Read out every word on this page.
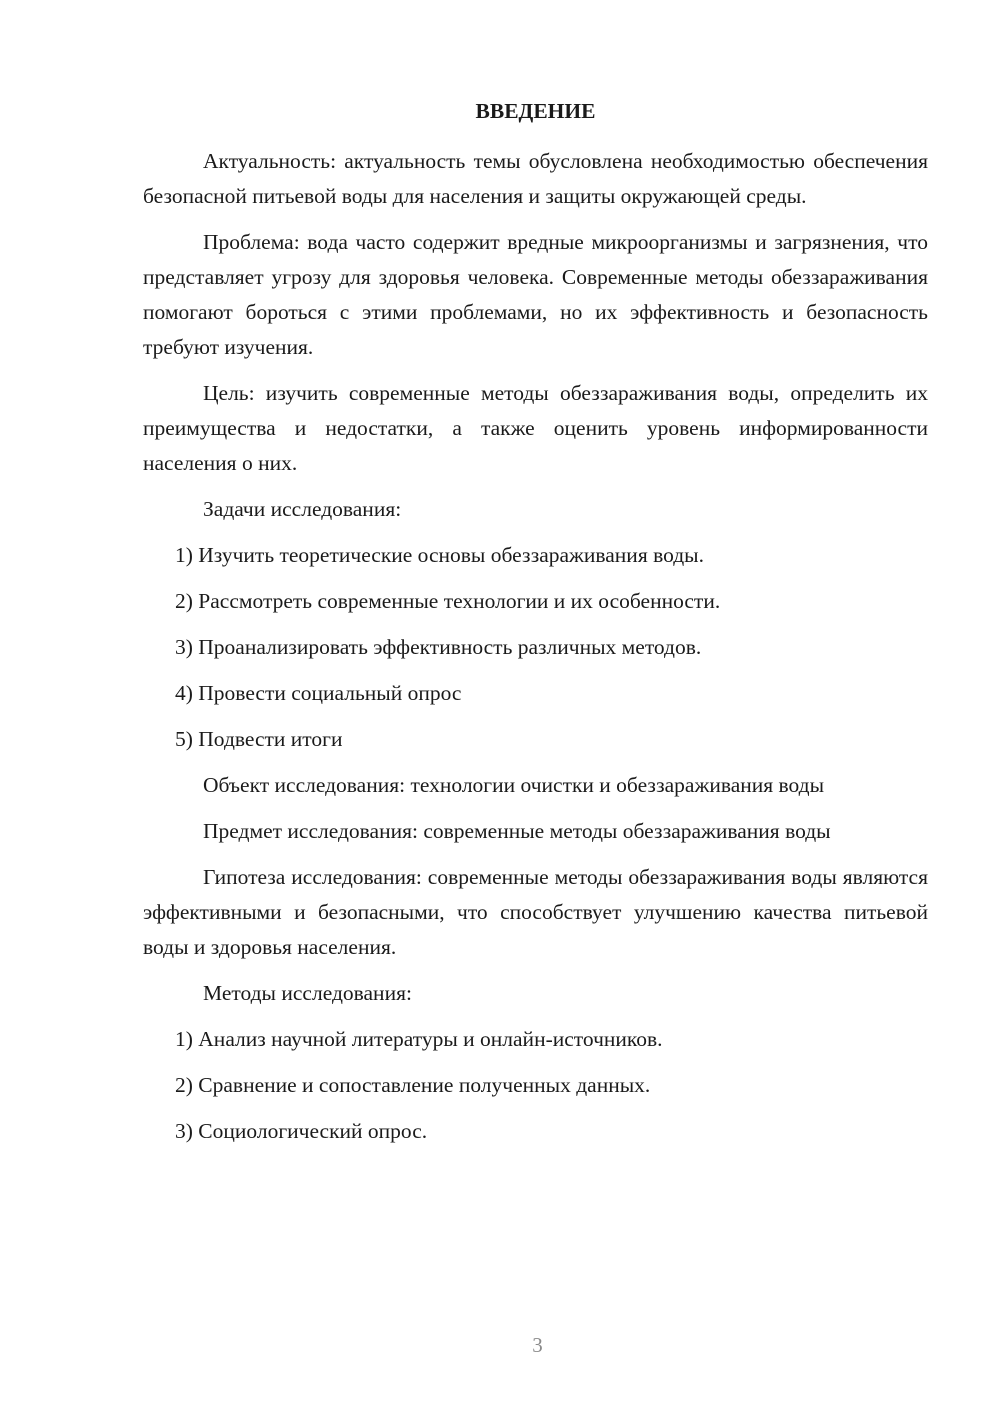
ВВЕДЕНИЕ

Актуальность: актуальность темы обусловлена необходимостью обеспечения безопасной питьевой воды для населения и защиты окружающей среды.

Проблема: вода часто содержит вредные микроорганизмы и загрязнения, что представляет угрозу для здоровья человека. Современные методы обеззараживания помогают бороться с этими проблемами, но их эффективность и безопасность требуют изучения.

Цель: изучить современные методы обеззараживания воды, определить их преимущества и недостатки, а также оценить уровень информированности населения о них.

Задачи исследования:

1) Изучить теоретические основы обеззараживания воды.

2) Рассмотреть современные технологии и их особенности.

3) Проанализировать эффективность различных методов.

4) Провести социальный опрос

5) Подвести итоги

Объект исследования: технологии очистки и обеззараживания воды

Предмет исследования: современные методы обеззараживания воды

Гипотеза исследования: современные методы обеззараживания воды являются эффективными и безопасными, что способствует улучшению качества питьевой воды и здоровья населения.

Методы исследования:

1) Анализ научной литературы и онлайн-источников.

2) Сравнение и сопоставление полученных данных.

3) Социологический опрос.

3
